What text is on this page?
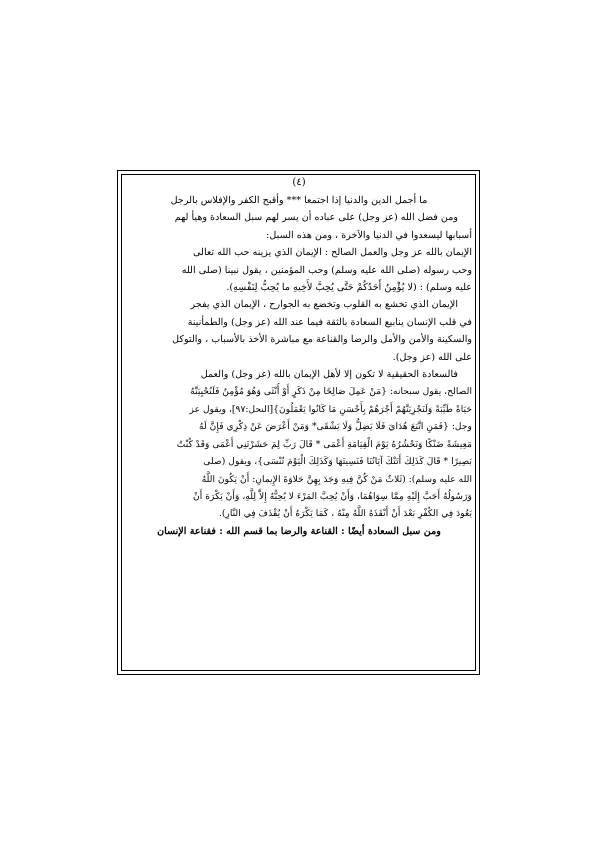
(٤)

ما أجمل الدين والدنيا إذا اجتمعا *** وأقبح الكفر والإفلاس بالرجل

ومن فضل الله (عز وجل) على عباده أن يسر لهم سبل السعادة وهيأ لهم

أسبابها ليسعدوا في الدنيا والآخرة ، ومن هذه السبل:

الإيمان بالله عز وجل والعمل الصالح : الإيمان الذي يزينه حب الله تعالى

وحب رسوله (صلى الله عليه وسلم) وحب المؤمنين ، يقول نبينا (صلى الله

عليه وسلم) : (لا يُؤْمِنُ أَحَدُكُمْ حَتَّى يُحِبَّ لأَخِيهِ ما يُحِبُّ لِنَفْسِهِ).

الإيمان الذي تخشع به القلوب وتخضع به الجوارح ، الإيمان الذي يفجر

في قلب الإنسان ينابيع السعادة بالثقة فيما عند الله (عز وجل) والطمأنينة

والسكينة والأمن والأمل والرضا والقناعة مع مباشرة الأخذ بالأسباب ، والتوكل

على الله (عز وجل).

فالسعادة الحقيقية لا تكون إلا لأهل الإيمان بالله (عز وجل) والعمل

الصالح، يقول سبحانه: {مَنْ عَمِلَ صَالِحًا مِنْ ذَكَرٍ أَوْ أُنْثَى وَهُوَ مُؤْمِنٌ فَلَنُحْيِيَنَّهُ

حَيَاةً طَيِّبَةً وَلَنَجْزِيَنَّهُمْ أَجْرَهُمْ بِأَحْسَنِ مَا كَانُوا يَعْمَلُونَ}[النحل:٩٧]، ويقول عز

وجل: {فَمَنِ اتَّبَعَ هُدَايَ فَلَا يَضِلُّ وَلَا يَشْقَى* وَمَنْ أَعْرَضَ عَنْ ذِكْرِي فَإِنَّ لَهُ

مَعِيشَةً ضَنْكًا وَنَحْشُرُهُ يَوْمَ الْقِيَامَةِ أَعْمَى * قَالَ رَبِّ لِمَ حَشَرْتَنِي أَعْمَى وَقَدْ كُنْتُ

بَصِيرًا * قَالَ كَذَلِكَ أَتَتْكَ آيَاتُنَا فَنَسِيتَهَا وَكَذَلِكَ الْيَوْمَ تُنْسَى}، ويقول (صلى

الله عليه وسلم): (ثَلاثٌ مَنْ كُنَّ فِيهِ وَجَدَ بِهِنَّ حَلاوَةَ الإِيمانِ: أَنْ يَكُونَ اللَّهُ

وَرَسُولُهُ أَحَبَّ إِلَيْهِ مِمَّا سِوَاهُمَا، وَأَنْ يُحِبَّ المَرْءَ لا يُحِبُّهُ إِلاَّ لِلَّهِ، وَأَنْ يَكْرَهَ أَنْ

يَعُودَ فِي الكُفْرِ بَعْدَ أَنْ أَنْقَذَهُ اللَّهُ مِنْهُ ، كَمَا يَكْرَهُ أَنْ يُقْذَفَ فِي النَّارِ).

ومن سبل السعادة أيضًا : القناعة والرضا بما قسم الله : فقناعة الإنسان
